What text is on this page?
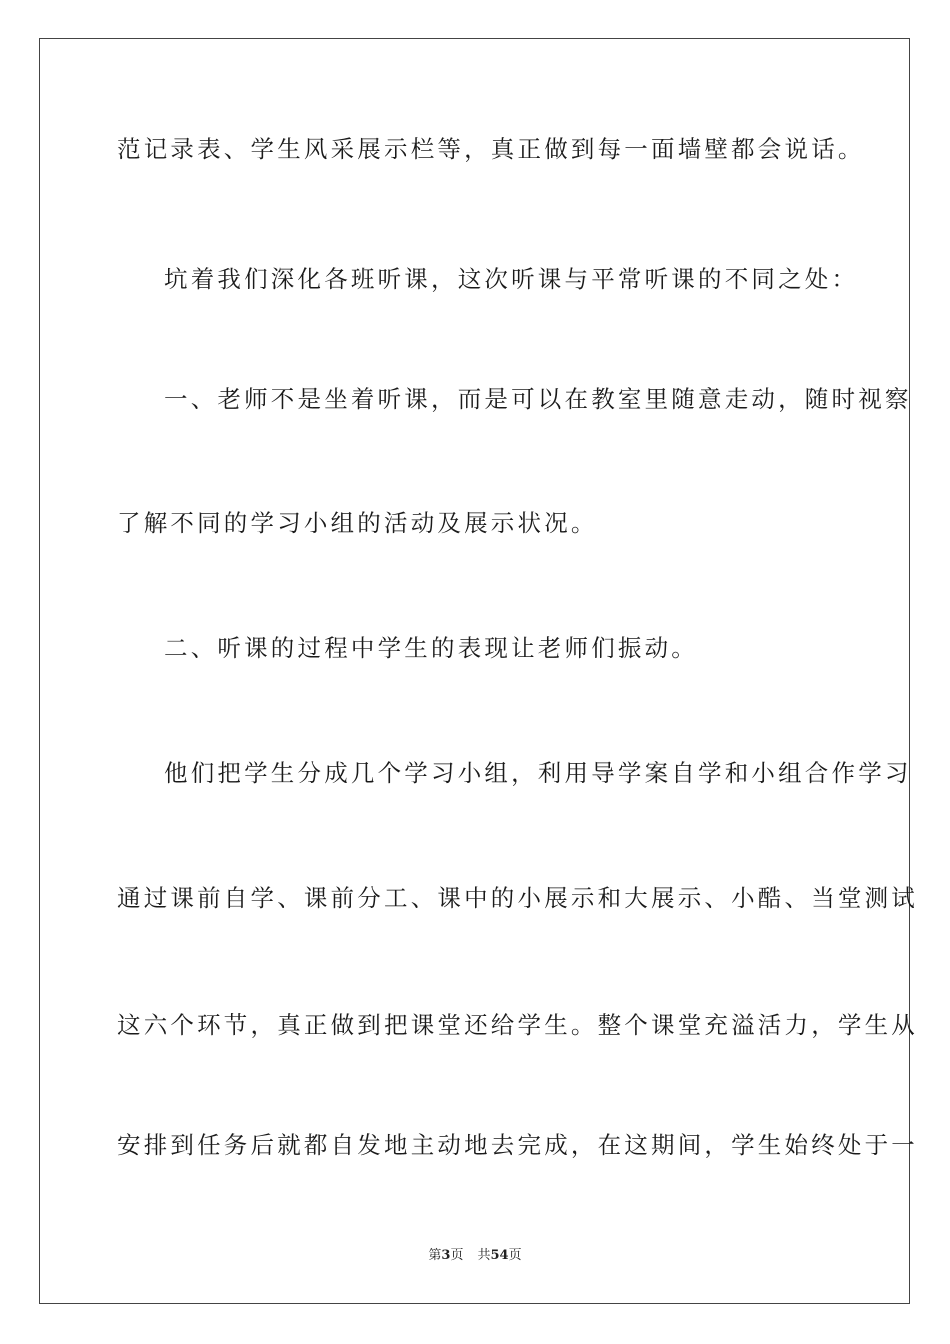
范记录表、学生风采展示栏等，真正做到每一面墙壁都会说话。
坑着我们深化各班听课，这次听课与平常听课的不同之处：
一、老师不是坐着听课，而是可以在教室里随意走动，随时视察
了解不同的学习小组的活动及展示状况。
二、听课的过程中学生的表现让老师们振动。
他们把学生分成几个学习小组，利用导学案自学和小组合作学习
通过课前自学、课前分工、课中的小展示和大展示、小酷、当堂测试
这六个环节，真正做到把课堂还给学生。整个课堂充溢活力，学生从
安排到任务后就都自发地主动地去完成，在这期间，学生始终处于一
第3页 共54页
